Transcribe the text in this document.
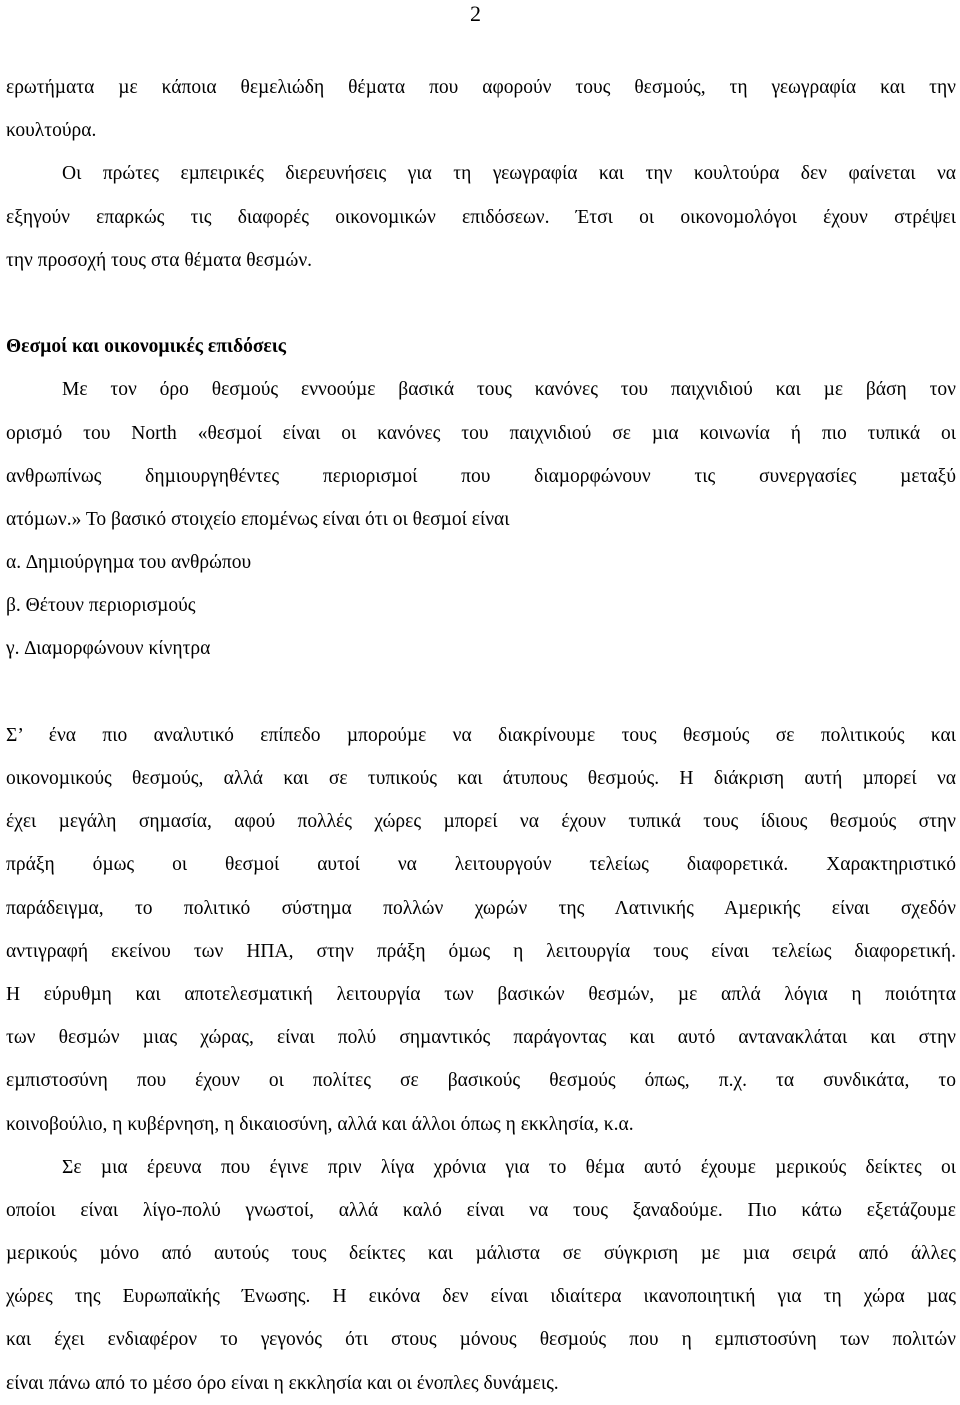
2
ερωτήµατα µε κάποια θεµελιώδη θέµατα που αφορούν τους θεσµούς, τη γεωγραφία και την
κουλτούρα.
Οι πρώτες εµπειρικές διερευνήσεις για τη γεωγραφία και την κουλτούρα δεν φαίνεται να
εξηγούν επαρκώς τις διαφορές οικονοµικών επιδόσεων. Έτσι οι οικονοµολόγοι έχουν στρέψει
την προσοχή τους στα θέµατα θεσµών.
Θεσµοί και οικονοµικές επιδόσεις
Με τον όρο θεσµούς εννοούµε βασικά τους κανόνες του παιχνιδιού και µε βάση τον
ορισµό του North «θεσµοί είναι οι κανόνες του παιχνιδιού σε µια κοινωνία ή πιο τυπικά οι
ανθρωπίνως δηµιουργηθέντες περιορισµοί που διαµορφώνουν τις συνεργασίες µεταξύ
ατόµων.» Το βασικό στοιχείο εποµένως είναι ότι οι θεσµοί είναι
α. ∆ηµιούργηµα του ανθρώπου
β. Θέτουν περιορισµούς
γ. ∆ιαµορφώνουν κίνητρα
Σ’ ένα πιο αναλυτικό επίπεδο µπορούµε να διακρίνουµε τους θεσµούς σε πολιτικούς και
οικονοµικούς θεσµούς, αλλά και σε τυπικούς και άτυπους θεσµούς. Η διάκριση αυτή µπορεί να
έχει µεγάλη σηµασία, αφού πολλές χώρες µπορεί να έχουν τυπικά τους ίδιους θεσµούς στην
πράξη όµως οι θεσµοί αυτοί να λειτουργούν τελείως διαφορετικά. Χαρακτηριστικό
παράδειγµα, το πολιτικό σύστηµα πολλών χωρών της Λατινικής Αµερικής είναι σχεδόν
αντιγραφή εκείνου των ΗΠΑ, στην πράξη όµως η λειτουργία τους είναι τελείως διαφορετική.
Η εύρυθµη και αποτελεσµατική λειτουργία των βασικών θεσµών, µε απλά λόγια η ποιότητα
των θεσµών µιας χώρας, είναι πολύ σηµαντικός παράγοντας και αυτό αντανακλάται και στην
εµπιστοσύνη που έχουν οι πολίτες σε βασικούς θεσµούς όπως, π.χ. τα συνδικάτα, το
κοινοβούλιο, η κυβέρνηση, η δικαιοσύνη, αλλά και άλλοι όπως η εκκλησία, κ.α.
Σε µια έρευνα που έγινε πριν λίγα χρόνια για το θέµα αυτό έχουµε µερικούς δείκτες οι
οποίοι είναι λίγο-πολύ γνωστοί, αλλά καλό είναι να τους ξαναδούµε. Πιο κάτω εξετάζουµε
µερικούς µόνο από αυτούς τους δείκτες και µάλιστα σε σύγκριση µε µια σειρά από άλλες
χώρες της Ευρωπαϊκής Ένωσης. Η εικόνα δεν είναι ιδιαίτερα ικανοποιητική για τη χώρα µας
και έχει ενδιαφέρον το γεγονός ότι στους µόνους θεσµούς που η εµπιστοσύνη των πολιτών
είναι πάνω από το µέσο όρο είναι η εκκλησία και οι ένοπλες δυνάµεις.
